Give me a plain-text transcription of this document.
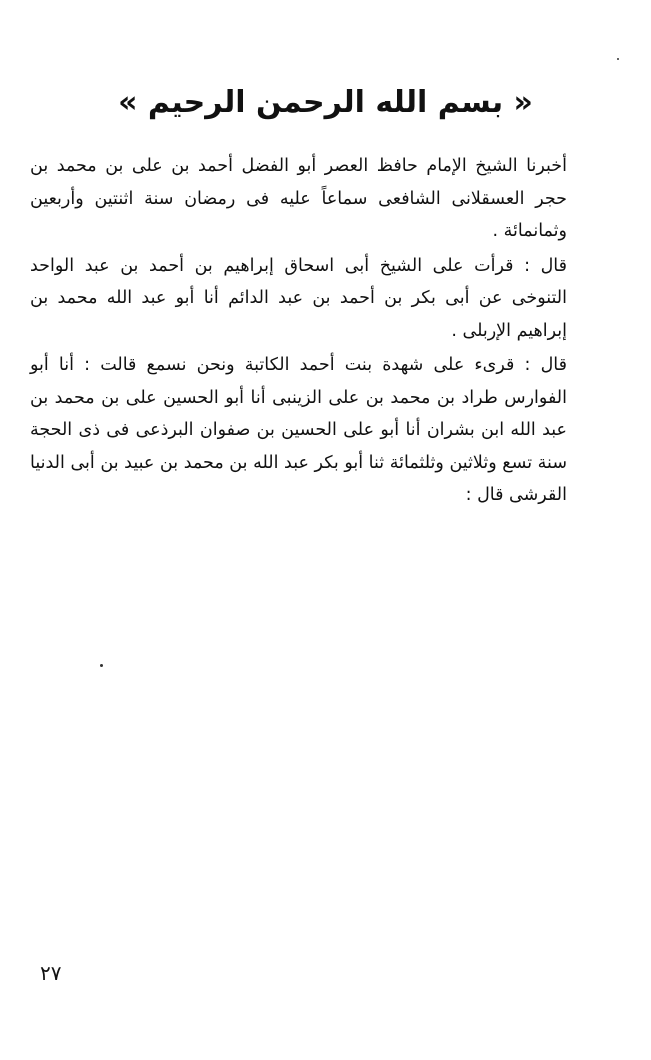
« بسم الله الرحمن الرحيم »

أخبرنا الشيخ الإمام حافظ العصر أبو الفضل أحمد بن على بن محمد بن حجر العسقلانى الشافعى سماعاً عليه فى رمضان سنة اثنتين وأربعين وثمانمائة .

قال : قرأت على الشيخ أبى اسحاق إبراهيم بن أحمد بن عبد الواحد التنوخى عن أبى بكر بن أحمد بن عبد الدائم أنا أبو عبد الله محمد بن إبراهيم الإربلى .

قال : قرىء على شهدة بنت أحمد الكاتبة ونحن نسمع قالت : أنا أبو الفوارس طراد بن محمد بن على الزينبى أنا أبو الحسين على بن محمد بن عبد الله ابن بشران أنا أبو على الحسين بن صفوان البرذعى فى ذى الحجة سنة تسع وثلاثين وثلثمائة ثنا أبو بكر عبد الله بن محمد بن عبيد بن أبى الدنيا القرشى قال :

٢٧
